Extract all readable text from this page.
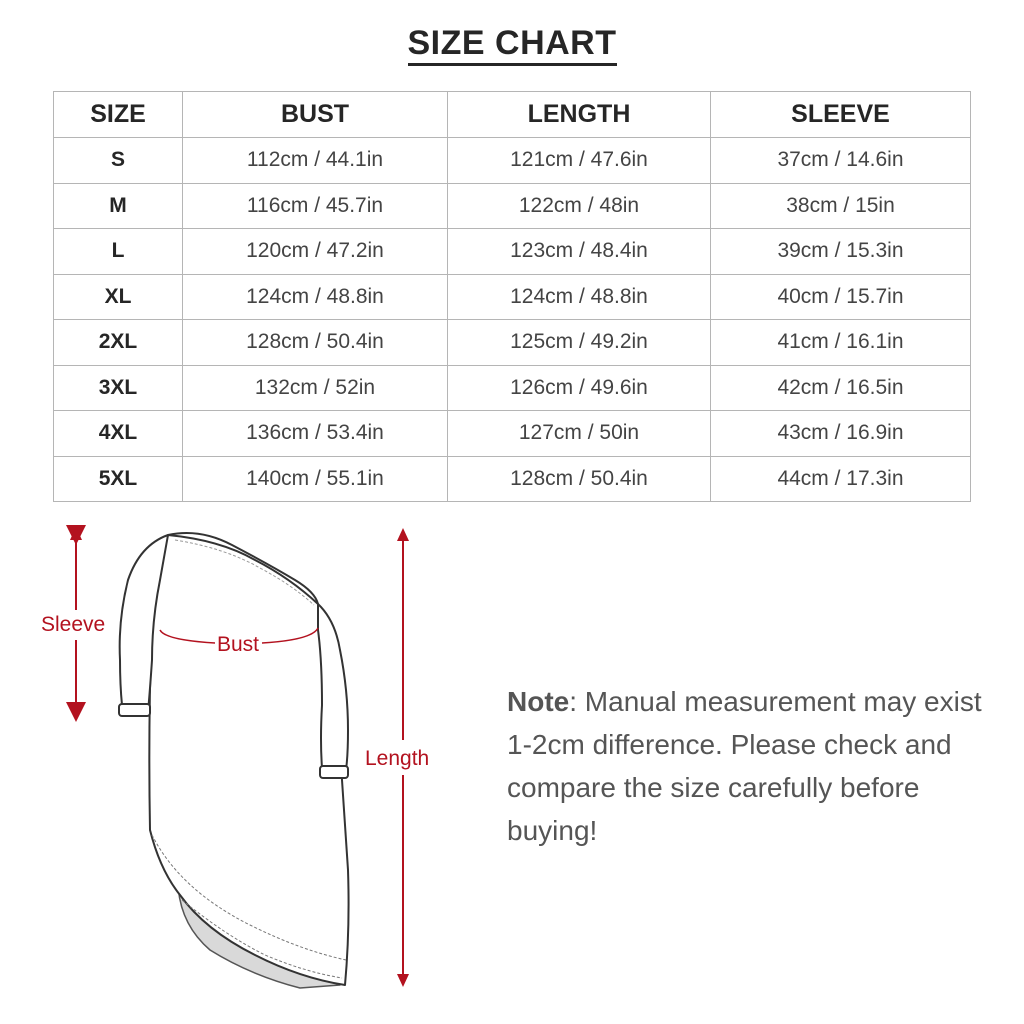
SIZE CHART
SIZE	BUST	LENGTH	SLEEVE
S	112cm / 44.1in	121cm / 47.6in	37cm / 14.6in
M	116cm / 45.7in	122cm / 48in	38cm / 15in
L	120cm / 47.2in	123cm / 48.4in	39cm / 15.3in
XL	124cm / 48.8in	124cm / 48.8in	40cm / 15.7in
2XL	128cm / 50.4in	125cm / 49.2in	41cm / 16.1in
3XL	132cm / 52in	126cm / 49.6in	42cm / 16.5in
4XL	136cm / 53.4in	127cm / 50in	43cm / 16.9in
5XL	140cm / 55.1in	128cm / 50.4in	44cm / 17.3in
Bust
Sleeve
Length
Note: Manual measurement may exist 1-2cm difference. Please check and compare the size carefully before buying!
